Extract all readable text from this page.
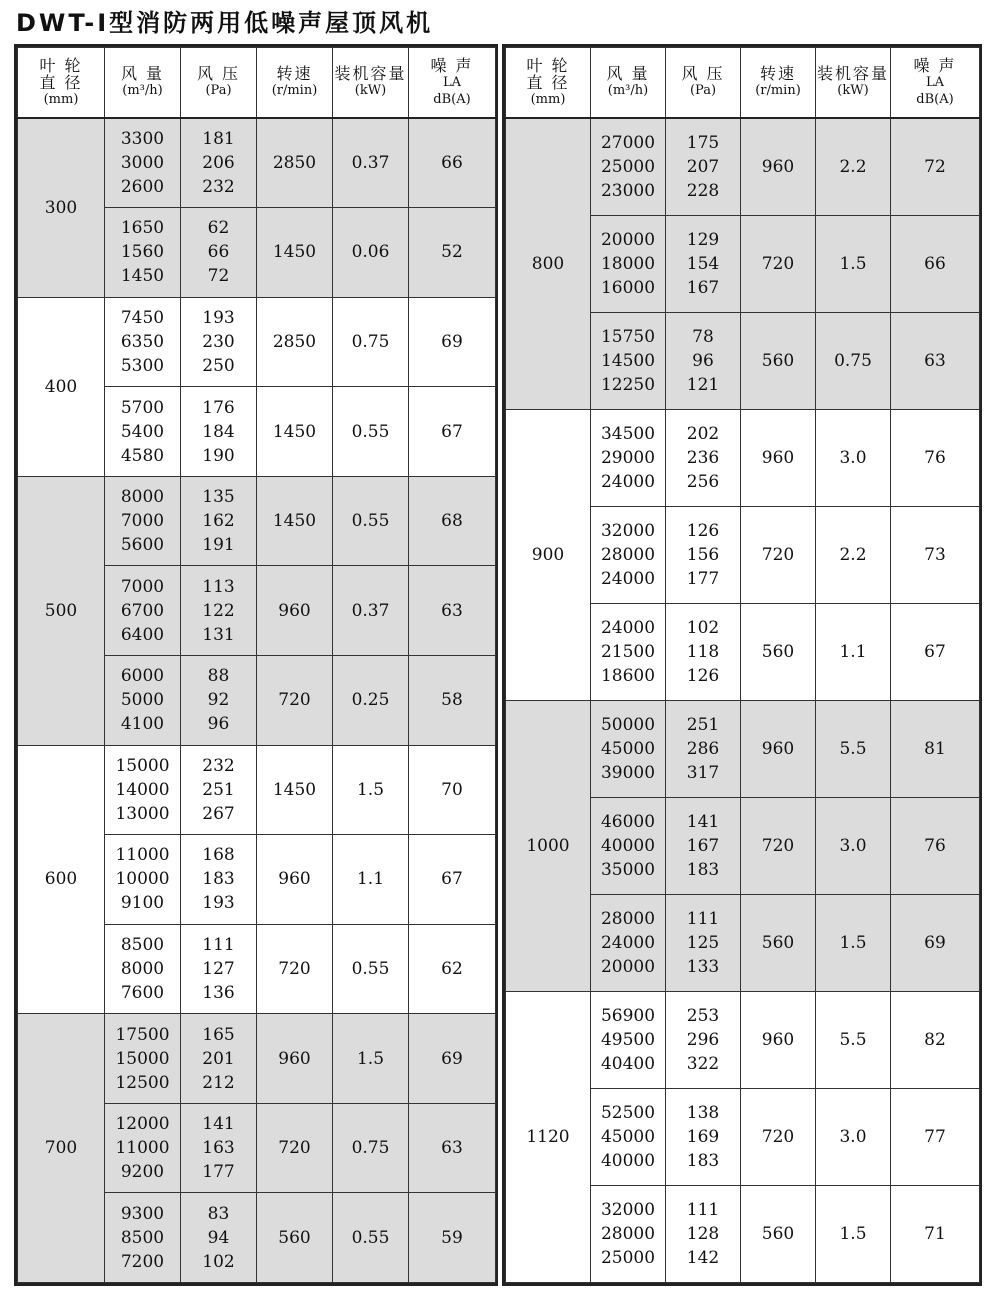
DWT-Ⅰ型消防两用低噪声屋顶风机
叶 轮
直 径
(mm)	风 量
(m³/h)	风 压
(Pa)	转速
(r/min)	装机容量
(kW)	噪 声
LA
dB(A)

300	3300
3000
2600	181
206
232	2850	0.37	66

	1650
1560
1450	62
66
72	1450	0.06	52
400	7450
6350
5300	193
230
250	2850	0.75	69

	5700
5400
4580	176
184
190	1450	0.55	67
500	8000
7000
5600	135
162
191	1450	0.55	68

	7000
6700
6400	113
122
131	960	0.37	63

	6000
5000
4100	88
92
96	720	0.25	58
600	15000
14000
13000	232
251
267	1450	1.5	70

	11000
10000
9100	168
183
193	960	1.1	67

	8500
8000
7600	111
127
136	720	0.55	62
700	17500
15000
12500	165
201
212	960	1.5	69

	12000
11000
9200	141
163
177	720	0.75	63

	9300
8500
7200	83
94
102	560	0.55	59
叶 轮
直 径
(mm)	风 量
(m³/h)	风 压
(Pa)	转速
(r/min)	装机容量
(kW)	噪 声
LA
dB(A)

800	27000
25000
23000	175
207
228	960	2.2	72

	20000
18000
16000	129
154
167	720	1.5	66

	15750
14500
12250	78
96
121	560	0.75	63
900	34500
29000
24000	202
236
256	960	3.0	76

	32000
28000
24000	126
156
177	720	2.2	73

	24000
21500
18600	102
118
126	560	1.1	67
1000	50000
45000
39000	251
286
317	960	5.5	81

	46000
40000
35000	141
167
183	720	3.0	76

	28000
24000
20000	111
125
133	560	1.5	69
1120	56900
49500
40400	253
296
322	960	5.5	82

	52500
45000
40000	138
169
183	720	3.0	77

	32000
28000
25000	111
128
142	560	1.5	71
